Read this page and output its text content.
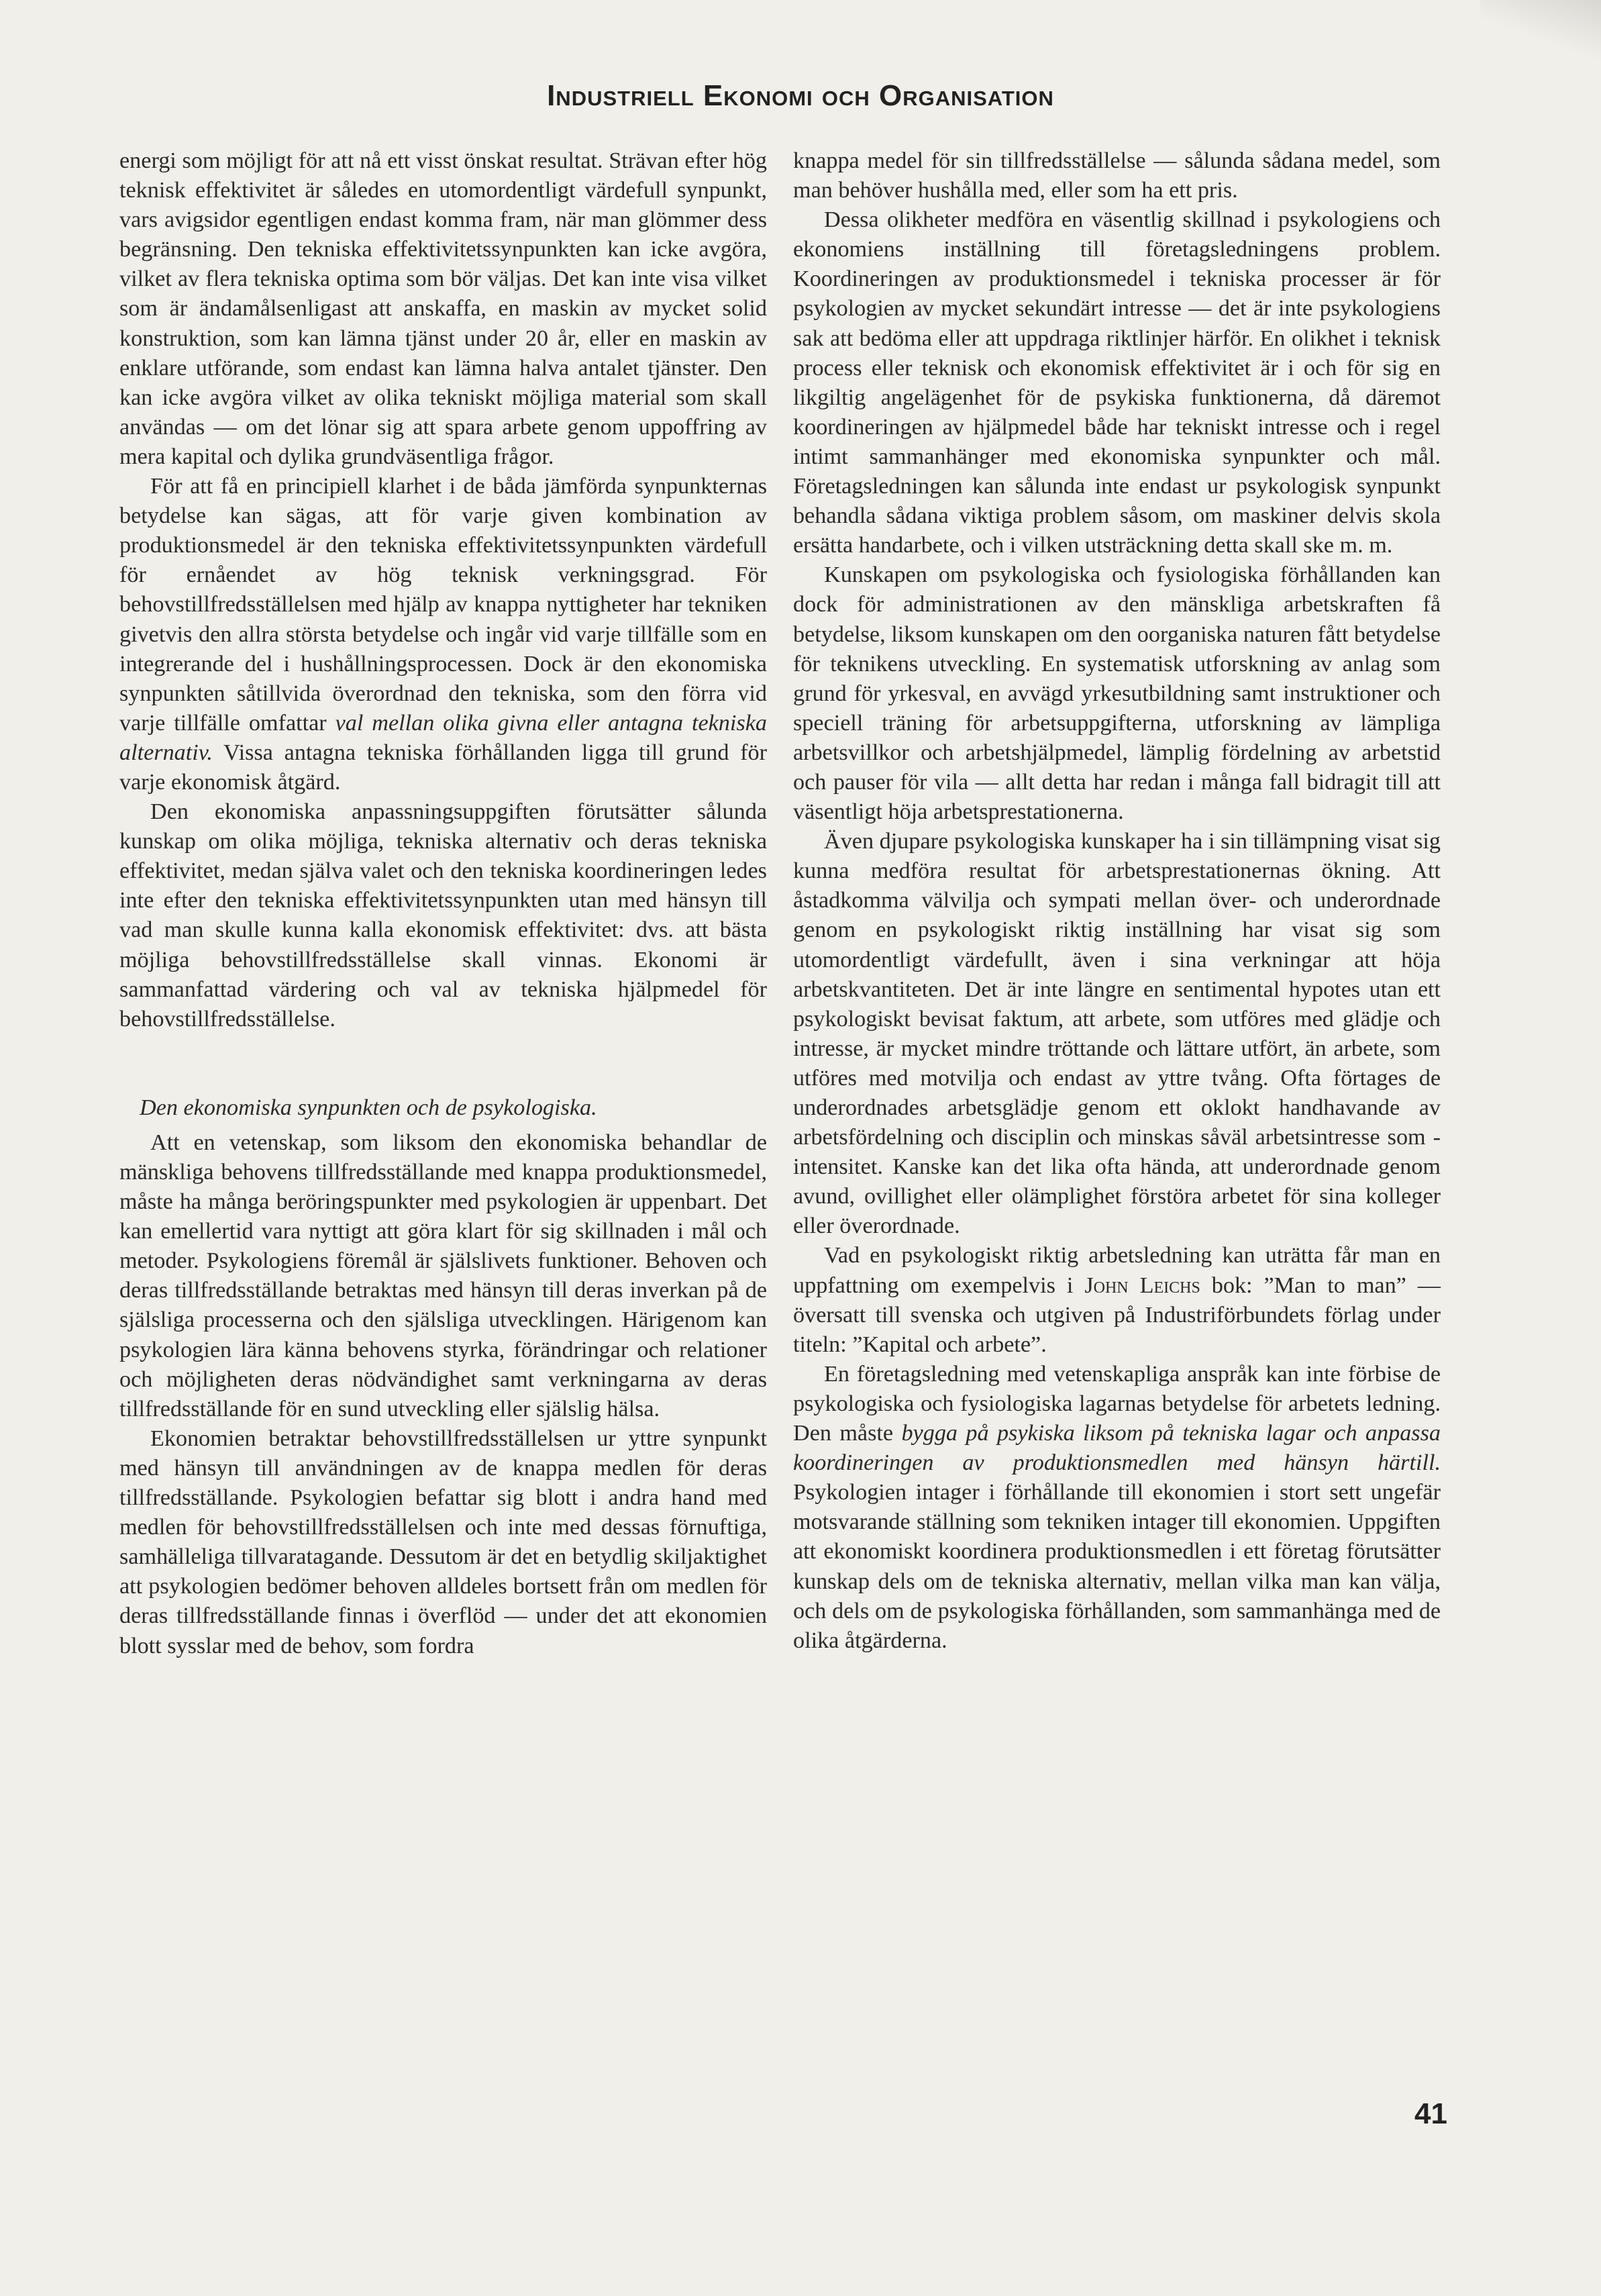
Industriell Ekonomi och Organisation

energi som möjligt för att nå ett visst önskat resultat. Strävan efter hög teknisk effektivitet är således en utomordentligt värdefull synpunkt, vars avigsidor egentligen endast komma fram, när man glömmer dess begränsning. Den tekniska effektivitetssynpunkten kan icke avgöra, vilket av flera tekniska optima som bör väljas. Det kan inte visa vilket som är ändamålsenligast att anskaffa, en maskin av mycket solid konstruktion, som kan lämna tjänst under 20 år, eller en maskin av enklare utförande, som endast kan lämna halva antalet tjänster. Den kan icke avgöra vilket av olika tekniskt möjliga material som skall användas — om det lönar sig att spara arbete genom uppoffring av mera kapital och dylika grundväsentliga frågor.

För att få en principiell klarhet i de båda jämförda synpunkternas betydelse kan sägas, att för varje given kombination av produktionsmedel är den tekniska effektivitetssynpunkten värdefull för ernåendet av hög teknisk verkningsgrad. För behovstillfredsställelsen med hjälp av knappa nyttigheter har tekniken givetvis den allra största betydelse och ingår vid varje tillfälle som en integrerande del i hushållningsprocessen. Dock är den ekonomiska synpunkten såtillvida överordnad den tekniska, som den förra vid varje tillfälle omfattar val mellan olika givna eller antagna tekniska alternativ. Vissa antagna tekniska förhållanden ligga till grund för varje ekonomisk åtgärd.

Den ekonomiska anpassningsuppgiften förutsätter sålunda kunskap om olika möjliga, tekniska alternativ och deras tekniska effektivitet, medan själva valet och den tekniska koordineringen ledes inte efter den tekniska effektivitetssynpunkten utan med hänsyn till vad man skulle kunna kalla ekonomisk effektivitet: dvs. att bästa möjliga behovstillfredsställelse skall vinnas. Ekonomi är sammanfattad värdering och val av tekniska hjälpmedel för behovstillfredsställelse.

Den ekonomiska synpunkten och de psykologiska.

Att en vetenskap, som liksom den ekonomiska behandlar de mänskliga behovens tillfredsställande med knappa produktionsmedel, måste ha många beröringspunkter med psykologien är uppenbart. Det kan emellertid vara nyttigt att göra klart för sig skillnaden i mål och metoder. Psykologiens föremål är själslivets funktioner. Behoven och deras tillfredsställande betraktas med hänsyn till deras inverkan på de själsliga processerna och den själsliga utvecklingen. Härigenom kan psykologien lära känna behovens styrka, förändringar och relationer och möjligheten deras nödvändighet samt verkningarna av deras tillfredsställande för en sund utveckling eller själslig hälsa.

Ekonomien betraktar behovstillfredsställelsen ur yttre synpunkt med hänsyn till användningen av de knappa medlen för deras tillfredsställande. Psykologien befattar sig blott i andra hand med medlen för behovstillfredsställelsen och inte med dessas förnuftiga, samhälleliga tillvaratagande. Dessutom är det en betydlig skiljaktighet att psykologien bedömer behoven alldeles bortsett från om medlen för deras tillfredsställande finnas i överflöd — under det att ekonomien blott sysslar med de behov, som fordra

knappa medel för sin tillfredsställelse — sålunda sådana medel, som man behöver hushålla med, eller som ha ett pris.

Dessa olikheter medföra en väsentlig skillnad i psykologiens och ekonomiens inställning till företagsledningens problem. Koordineringen av produktionsmedel i tekniska processer är för psykologien av mycket sekundärt intresse — det är inte psykologiens sak att bedöma eller att uppdraga riktlinjer härför. En olikhet i teknisk process eller teknisk och ekonomisk effektivitet är i och för sig en likgiltig angelägenhet för de psykiska funktionerna, då däremot koordineringen av hjälpmedel både har tekniskt intresse och i regel intimt sammanhänger med ekonomiska synpunkter och mål. Företagsledningen kan sålunda inte endast ur psykologisk synpunkt behandla sådana viktiga problem såsom, om maskiner delvis skola ersätta handarbete, och i vilken utsträckning detta skall ske m. m.

Kunskapen om psykologiska och fysiologiska förhållanden kan dock för administrationen av den mänskliga arbetskraften få betydelse, liksom kunskapen om den oorganiska naturen fått betydelse för teknikens utveckling. En systematisk utforskning av anlag som grund för yrkesval, en avvägd yrkesutbildning samt instruktioner och speciell träning för arbetsuppgifterna, utforskning av lämpliga arbetsvillkor och arbetshjälpmedel, lämplig fördelning av arbetstid och pauser för vila — allt detta har redan i många fall bidragit till att väsentligt höja arbetsprestationerna.

Även djupare psykologiska kunskaper ha i sin tillämpning visat sig kunna medföra resultat för arbetsprestationernas ökning. Att åstadkomma välvilja och sympati mellan över- och underordnade genom en psykologiskt riktig inställning har visat sig som utomordentligt värdefullt, även i sina verkningar att höja arbetskvantiteten. Det är inte längre en sentimental hypotes utan ett psykologiskt bevisat faktum, att arbete, som utföres med glädje och intresse, är mycket mindre tröttande och lättare utfört, än arbete, som utföres med motvilja och endast av yttre tvång. Ofta förtages de underordnades arbetsglädje genom ett oklokt handhavande av arbetsfördelning och disciplin och minskas såväl arbetsintresse som -intensitet. Kanske kan det lika ofta hända, att underordnade genom avund, ovillighet eller olämplighet förstöra arbetet för sina kolleger eller överordnade.

Vad en psykologiskt riktig arbetsledning kan uträtta får man en uppfattning om exempelvis i John Leichs bok: ”Man to man” — översatt till svenska och utgiven på Industriförbundets förlag under titeln: ”Kapital och arbete”.

En företagsledning med vetenskapliga anspråk kan inte förbise de psykologiska och fysiologiska lagarnas betydelse för arbetets ledning. Den måste bygga på psykiska liksom på tekniska lagar och anpassa koordineringen av produktionsmedlen med hänsyn härtill. Psykologien intager i förhållande till ekonomien i stort sett ungefär motsvarande ställning som tekniken intager till ekonomien. Uppgiften att ekonomiskt koordinera produktionsmedlen i ett företag förutsätter kunskap dels om de tekniska alternativ, mellan vilka man kan välja, och dels om de psykologiska förhållanden, som sammanhänga med de olika åtgärderna.

41
